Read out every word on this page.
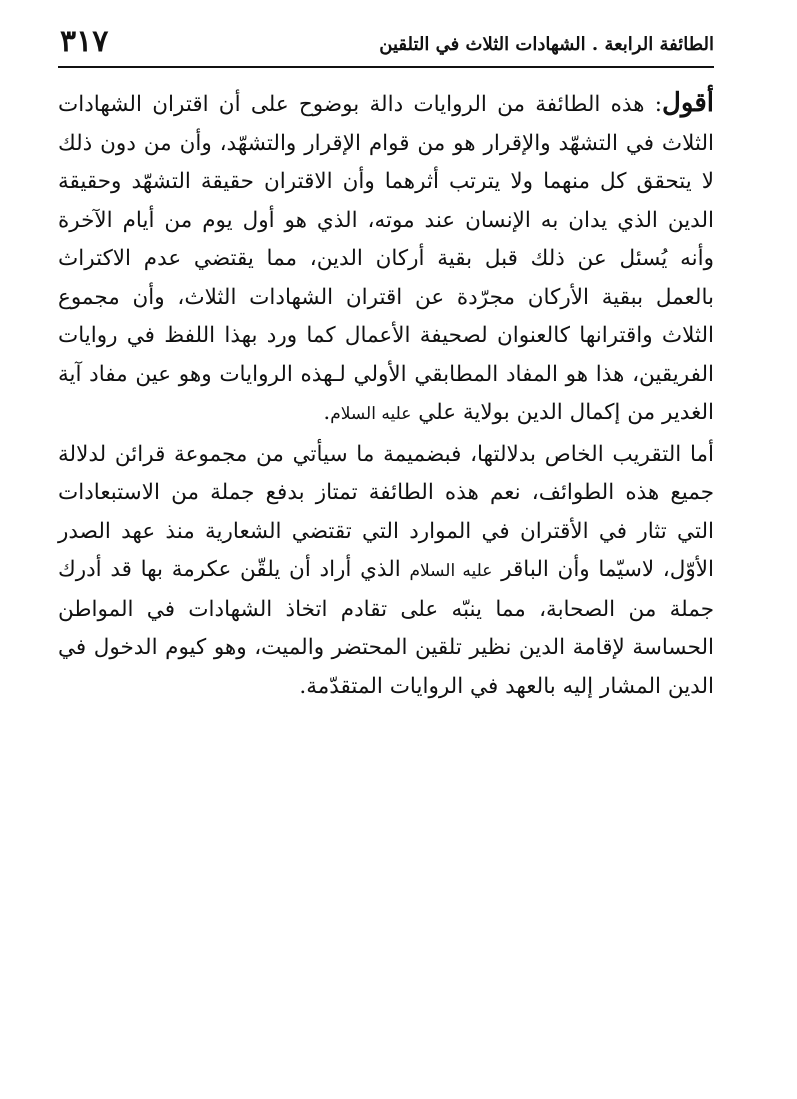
الطائفة الرابعة . الشهادات الثلاث في التلقين
٣١٧

أقول: هذه الطائفة من الروايات دالة بوضوح على أن اقتران الشهادات الثلاث في التشهّد والإقرار هو من قوام الإقرار والتشهّد، وأن من دون ذلك لا يتحقق كل منهما ولا يترتب أثرهما وأن الاقتران حقيقة التشهّد وحقيقة الدين الذي يدان به الإنسان عند موته، الذي هو أول يوم من أيام الآخرة وأنه يُسئل عن ذلك قبل بقية أركان الدين، مما يقتضي عدم الاكتراث بالعمل ببقية الأركان مجرّدة عن اقتران الشهادات الثلاث، وأن مجموع الثلاث واقترانها كالعنوان لصحيفة الأعمال كما ورد بهذا اللفظ في روايات الفريقين، هذا هو المفاد المطابقي الأولي لـهذه الروايات وهو عين مفاد آية الغدير من إكمال الدين بولاية علي عليه السلام.

أما التقريب الخاص بدلالتها، فبضميمة ما سيأتي من مجموعة قرائن لدلالة جميع هذه الطوائف، نعم هذه الطائفة تمتاز بدفع جملة من الاستبعادات التي تثار في الأقتران في الموارد التي تقتضي الشعارية منذ عهد الصدر الأوّل، لاسيّما وأن الباقر عليه السلام الذي أراد أن يلقّن عكرمة بها قد أدرك جملة من الصحابة، مما ينبّه على تقادم اتخاذ الشهادات في المواطن الحساسة لإقامة الدين نظير تلقين المحتضر والميت، وهو كيوم الدخول في الدين المشار إليه بالعهد في الروايات المتقدّمة.
